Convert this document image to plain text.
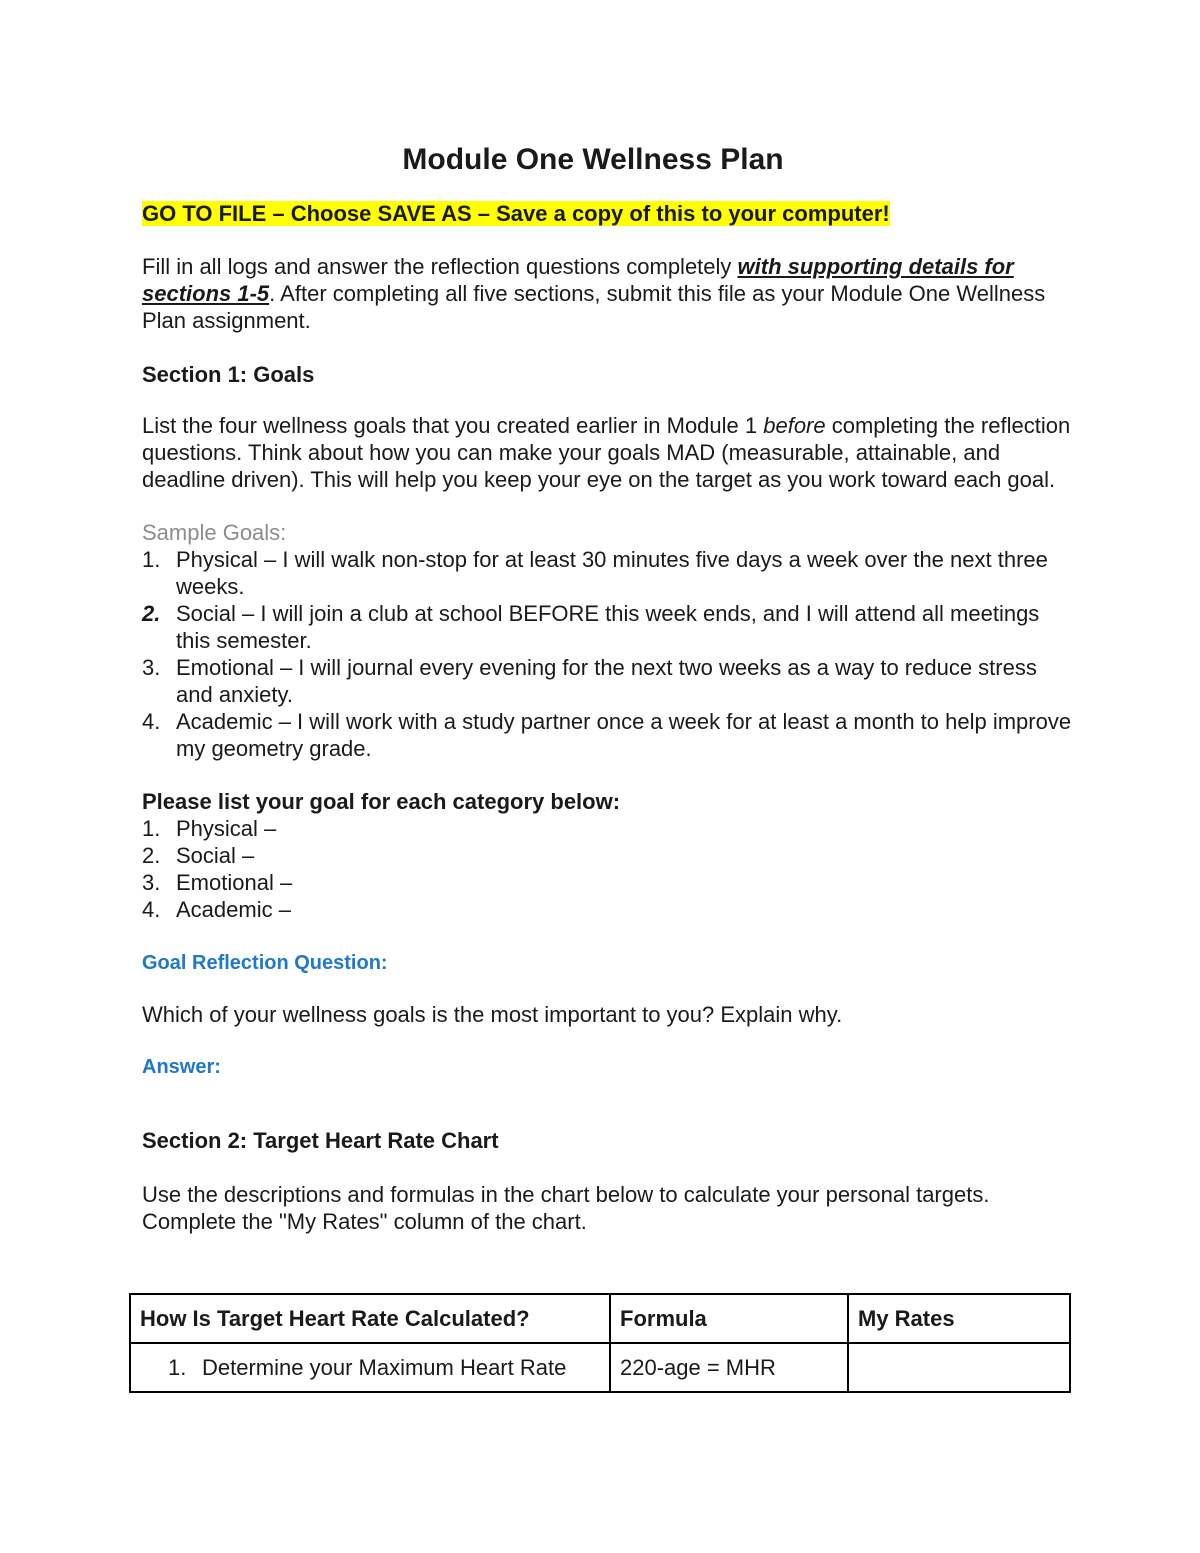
Module One Wellness Plan

GO TO FILE – Choose SAVE AS – Save a copy of this to your computer!

Fill in all logs and answer the reflection questions completely with supporting details for sections 1-5. After completing all five sections, submit this file as your Module One Wellness Plan assignment.

Section 1: Goals

List the four wellness goals that you created earlier in Module 1 before completing the reflection questions. Think about how you can make your goals MAD (measurable, attainable, and deadline driven). This will help you keep your eye on the target as you work toward each goal.

Sample Goals:

1. Physical – I will walk non-stop for at least 30 minutes five days a week over the next three weeks.
2. Social – I will join a club at school BEFORE this week ends, and I will attend all meetings this semester.
3. Emotional – I will journal every evening for the next two weeks as a way to reduce stress and anxiety.
4. Academic – I will work with a study partner once a week for at least a month to help improve my geometry grade.

Please list your goal for each category below:

1. Physical –
2. Social –
3. Emotional –
4. Academic –

Goal Reflection Question:

Which of your wellness goals is the most important to you? Explain why.

Answer:

Section 2: Target Heart Rate Chart

Use the descriptions and formulas in the chart below to calculate your personal targets. Complete the "My Rates" column of the chart.

How Is Target Heart Rate Calculated?	Formula	My Rates
1. Determine your Maximum Heart Rate	220-age = MHR	
